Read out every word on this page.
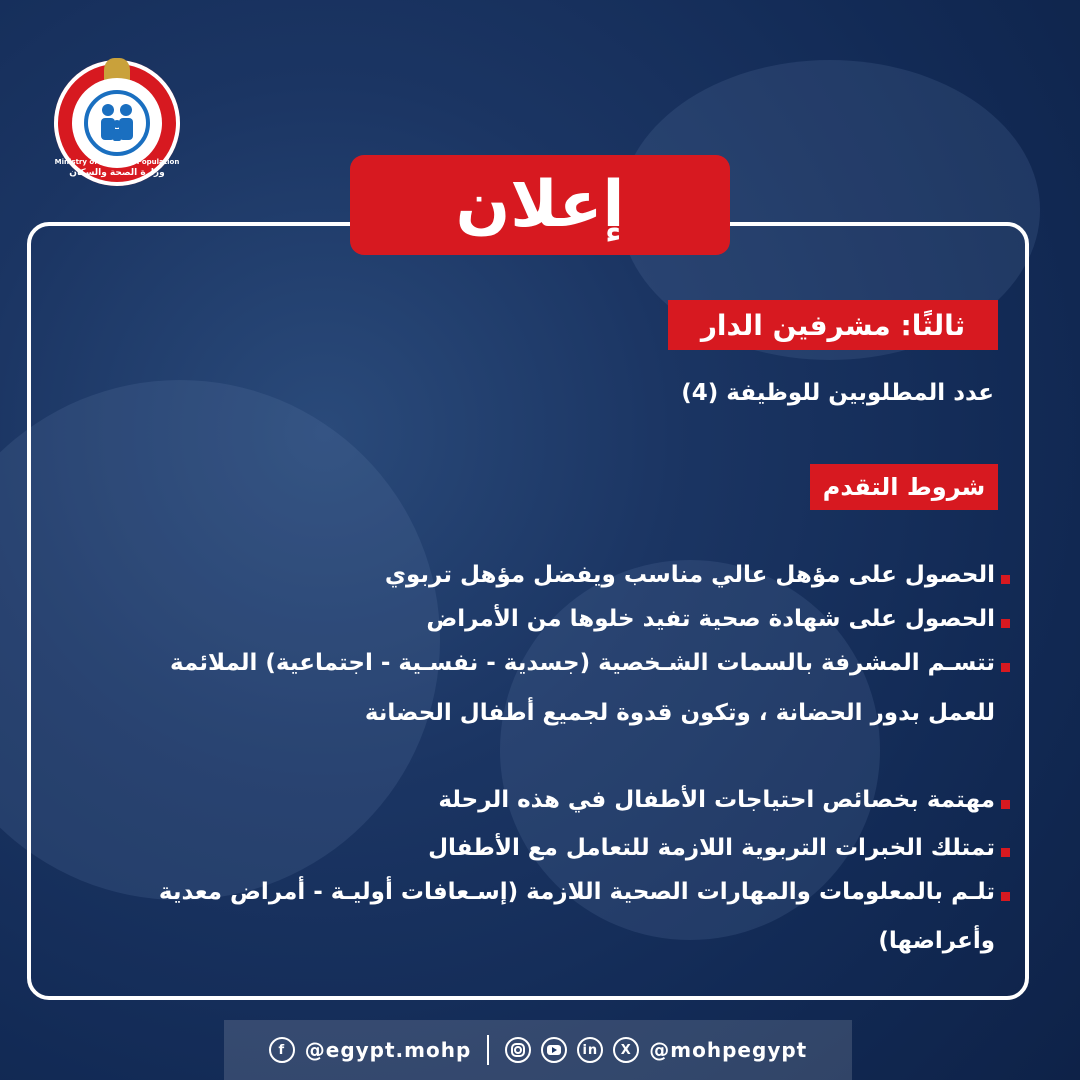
Ministry of Health & Population
وزارة الصحة والسكان	إعلان
ثالثًا: مشرفين الدار
عدد المطلوبين للوظيفة (4)
شروط التقدم
الحصول على مؤهل عالي مناسب ويفضل مؤهل تربوي
الحصول على شهادة صحية تفيد خلوها من الأمراض
تتسـم المشرفة بالسمات الشـخصية (جسدية - نفسـية - اجتماعية) الملائمة
للعمل بدور الحضانة ، وتكون قدوة لجميع أطفال الحضانة
مهتمة بخصائص احتياجات الأطفال في هذه الرحلة
تمتلك الخبرات التربوية اللازمة للتعامل مع الأطفال
تلـم بالمعلومات والمهارات الصحية اللازمة (إسـعافات أوليـة - أمراض معدية
وأعراضها)
f @egypt.mohp	in	X @mohpegypt
